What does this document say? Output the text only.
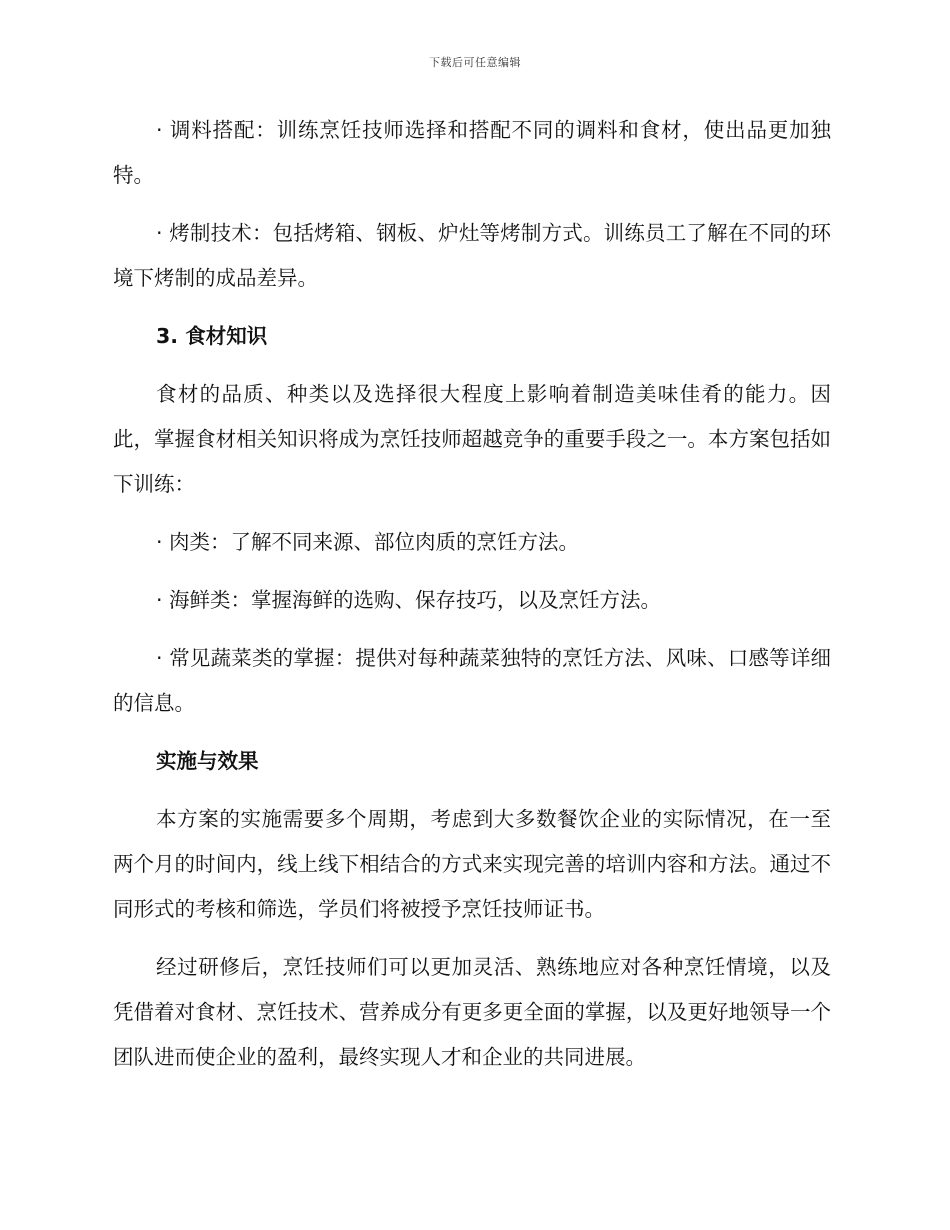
下载后可任意编辑

· 调料搭配：训练烹饪技师选择和搭配不同的调料和食材，使出品更加独特。

· 烤制技术：包括烤箱、钢板、炉灶等烤制方式。训练员工了解在不同的环境下烤制的成品差异。

3. 食材知识

食材的品质、种类以及选择很大程度上影响着制造美味佳肴的能力。因此，掌握食材相关知识将成为烹饪技师超越竞争的重要手段之一。本方案包括如下训练：

· 肉类：了解不同来源、部位肉质的烹饪方法。

· 海鲜类：掌握海鲜的选购、保存技巧，以及烹饪方法。

· 常见蔬菜类的掌握：提供对每种蔬菜独特的烹饪方法、风味、口感等详细的信息。

实施与效果

本方案的实施需要多个周期，考虑到大多数餐饮企业的实际情况，在一至两个月的时间内，线上线下相结合的方式来实现完善的培训内容和方法。通过不同形式的考核和筛选，学员们将被授予烹饪技师证书。

经过研修后，烹饪技师们可以更加灵活、熟练地应对各种烹饪情境，以及凭借着对食材、烹饪技术、营养成分有更多更全面的掌握，以及更好地领导一个团队进而使企业的盈利，最终实现人才和企业的共同进展。
